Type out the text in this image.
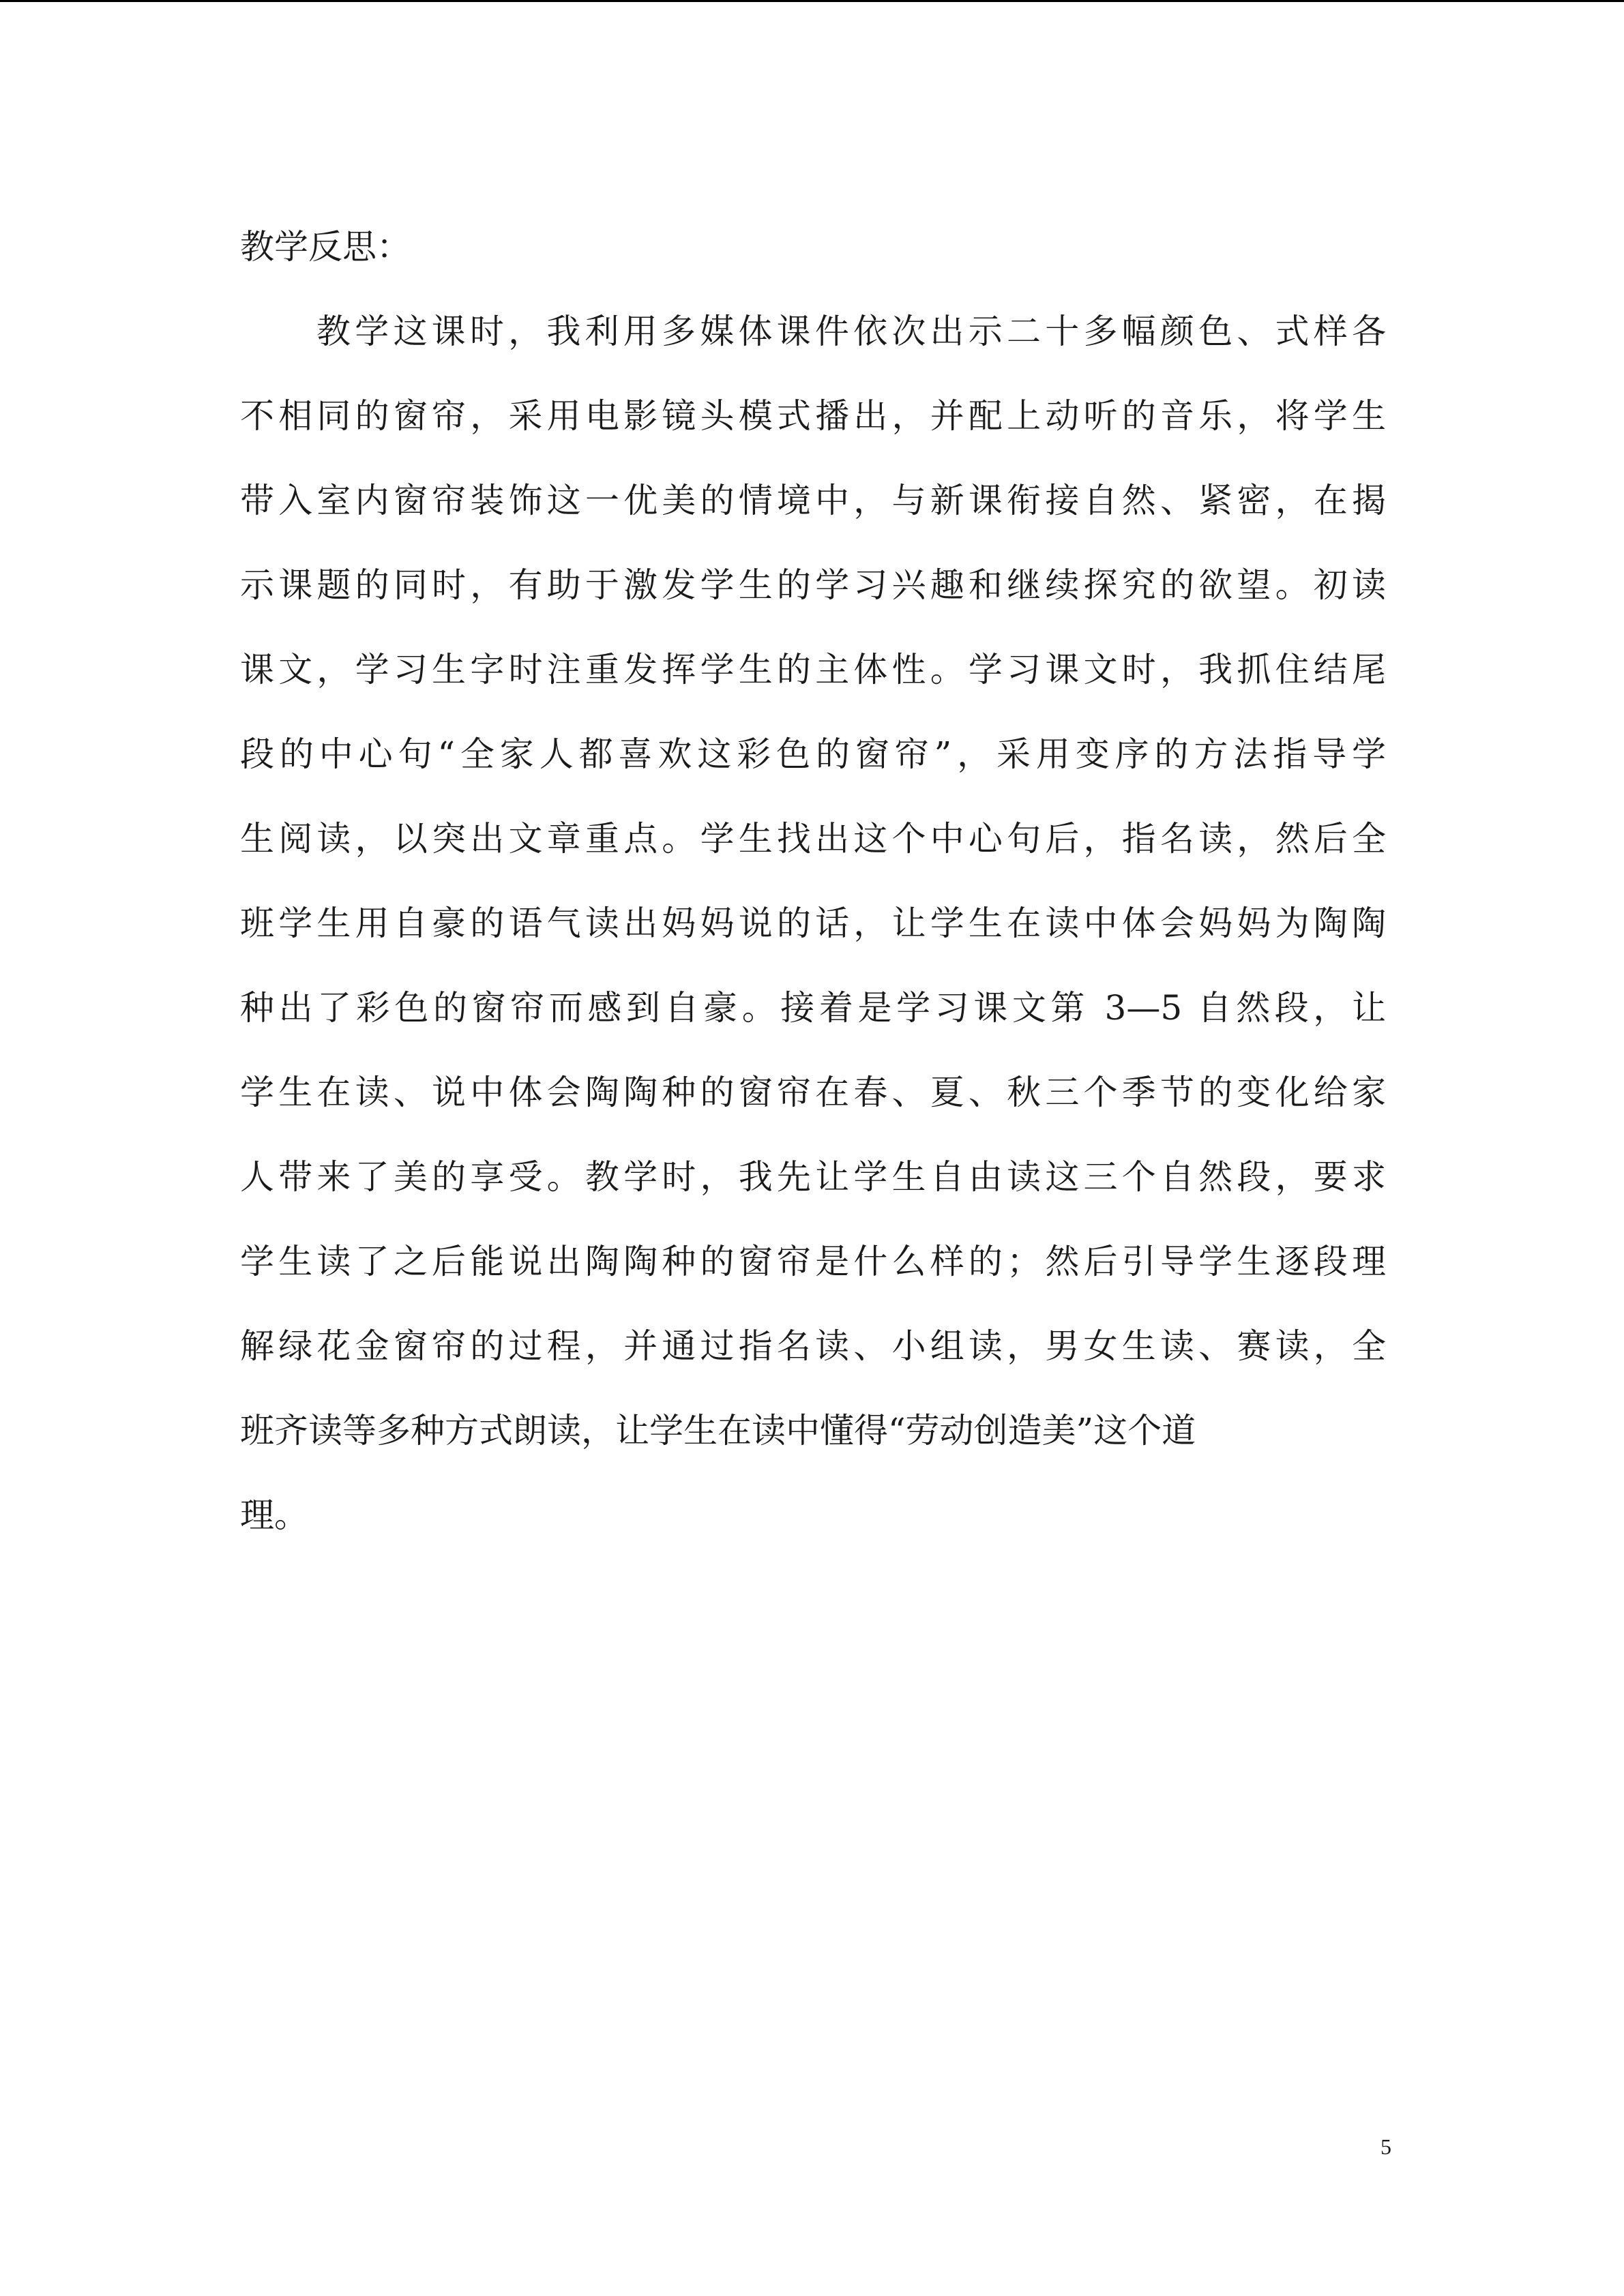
教学反思：
教学这课时，我利用多媒体课件依次出示二十多幅颜色、式样各
不相同的窗帘，采用电影镜头模式播出，并配上动听的音乐，将学生
带入室内窗帘装饰这一优美的情境中，与新课衔接自然、紧密，在揭
示课题的同时，有助于激发学生的学习兴趣和继续探究的欲望。初读
课文，学习生字时注重发挥学生的主体性。学习课文时，我抓住结尾
段的中心句“全家人都喜欢这彩色的窗帘”，采用变序的方法指导学
生阅读，以突出文章重点。学生找出这个中心句后，指名读，然后全
班学生用自豪的语气读出妈妈说的话，让学生在读中体会妈妈为陶陶
种出了彩色的窗帘而感到自豪。接着是学习课文第 3—5 自然段，让
学生在读、说中体会陶陶种的窗帘在春、夏、秋三个季节的变化给家
人带来了美的享受。教学时，我先让学生自由读这三个自然段，要求
学生读了之后能说出陶陶种的窗帘是什么样的；然后引导学生逐段理
解绿花金窗帘的过程，并通过指名读、小组读，男女生读、赛读，全
班齐读等多种方式朗读，让学生在读中懂得“劳动创造美”这个道
理。
5
